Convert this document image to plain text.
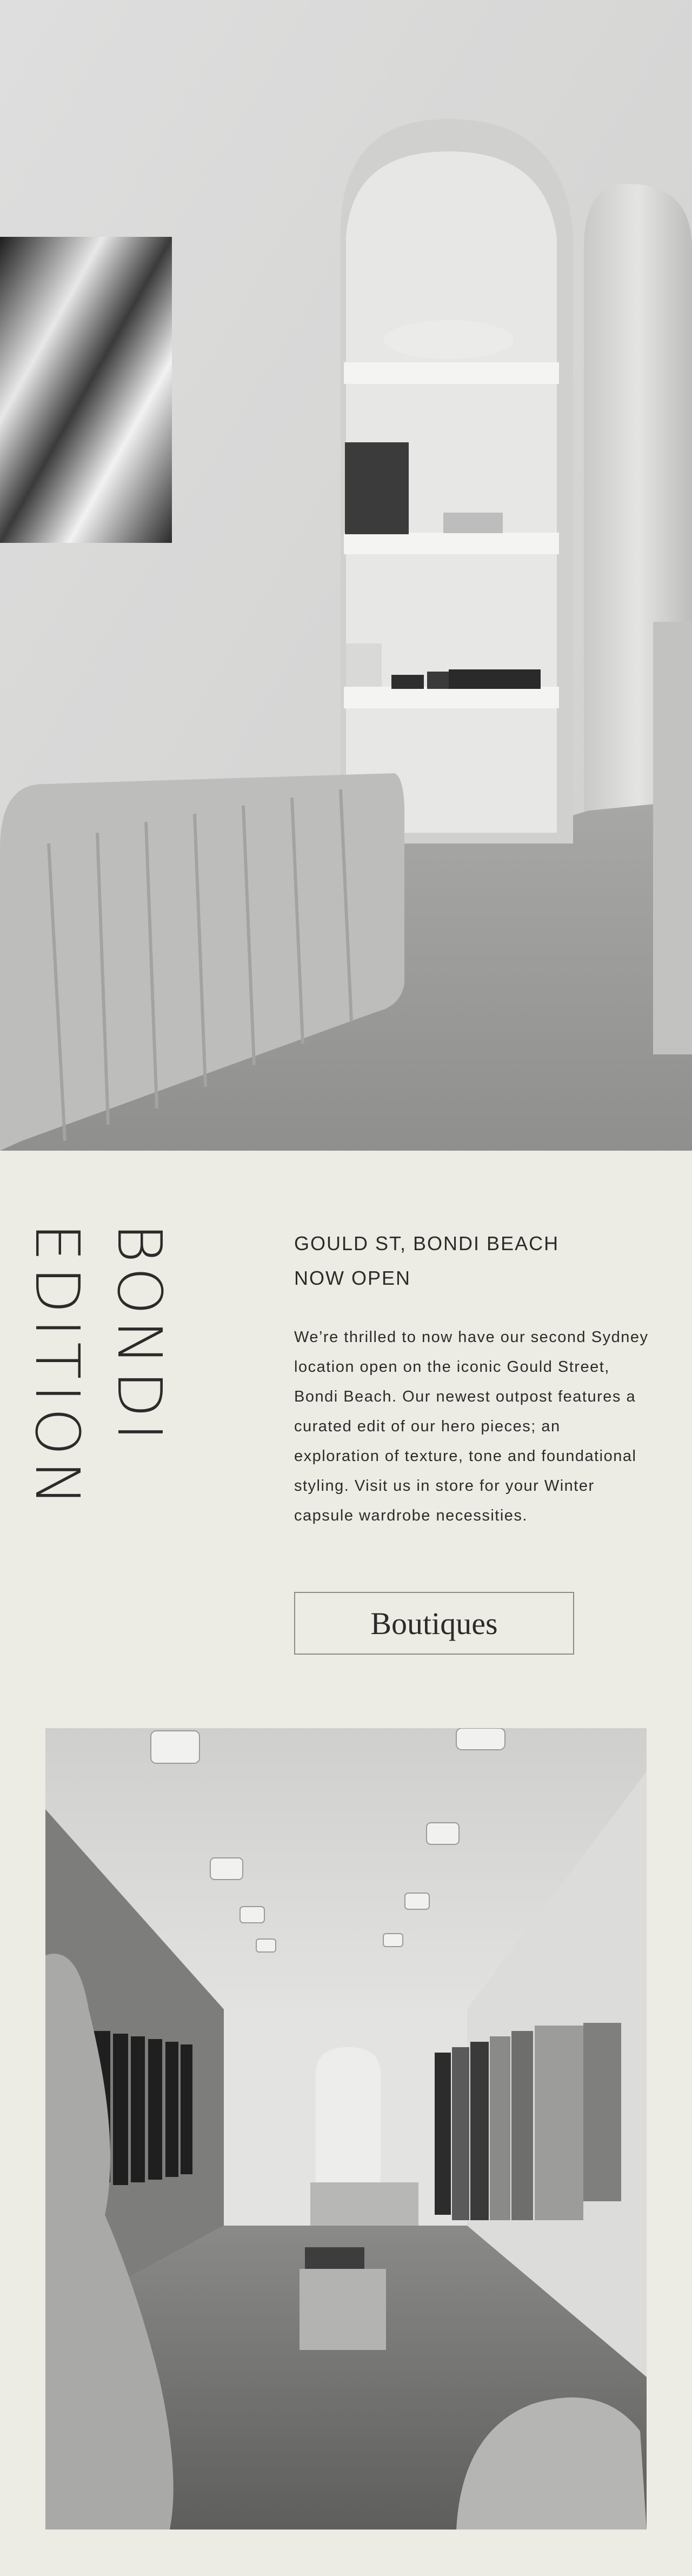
BONDI
EDITION	GOULD ST, BONDI BEACH
NOW OPEN
We’re thrilled to now have our second Sydney location open on the iconic Gould Street, Bondi Beach. Our newest outpost features a curated edit of our hero pieces; an exploration of texture, tone and foundational styling. Visit us in store for your Winter capsule wardrobe necessities.
Boutiques
